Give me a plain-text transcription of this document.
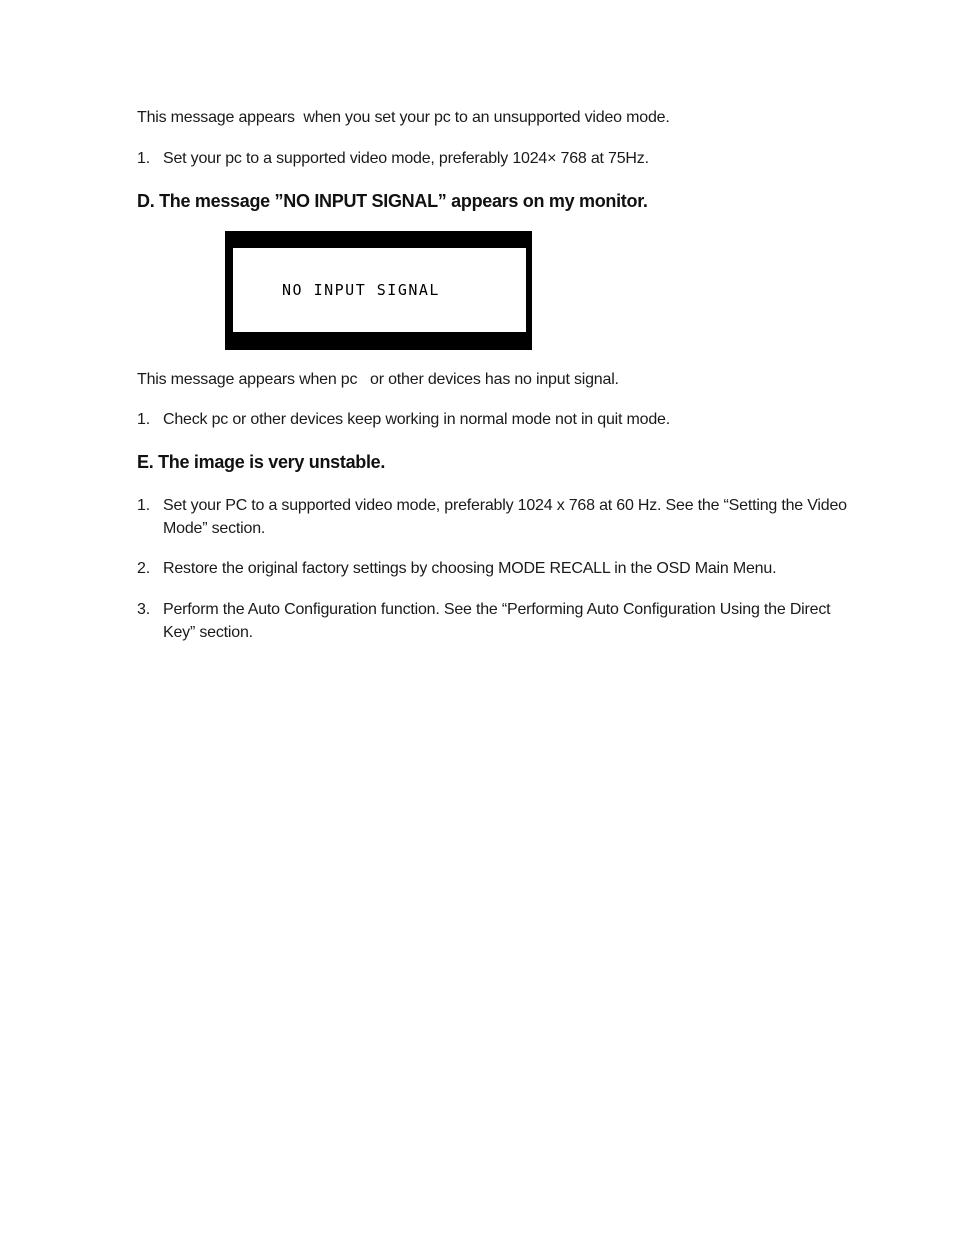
This message appears  when you set your pc to an unsupported video mode.
1. Set your pc to a supported video mode, preferably 1024× 768 at 75Hz.
D. The message ”NO INPUT SIGNAL” appears on my monitor.
NO INPUT SIGNAL
This message appears when pc   or other devices has no input signal.
1. Check pc or other devices keep working in normal mode not in quit mode.
E. The image is very unstable.
1. Set your PC to a supported video mode, preferably 1024 x 768 at 60 Hz. See the “Setting the Video Mode” section.
2. Restore the original factory settings by choosing MODE RECALL in the OSD Main Menu.
3. Perform the Auto Configuration function. See the “Performing Auto Configuration Using the Direct Key” section.
